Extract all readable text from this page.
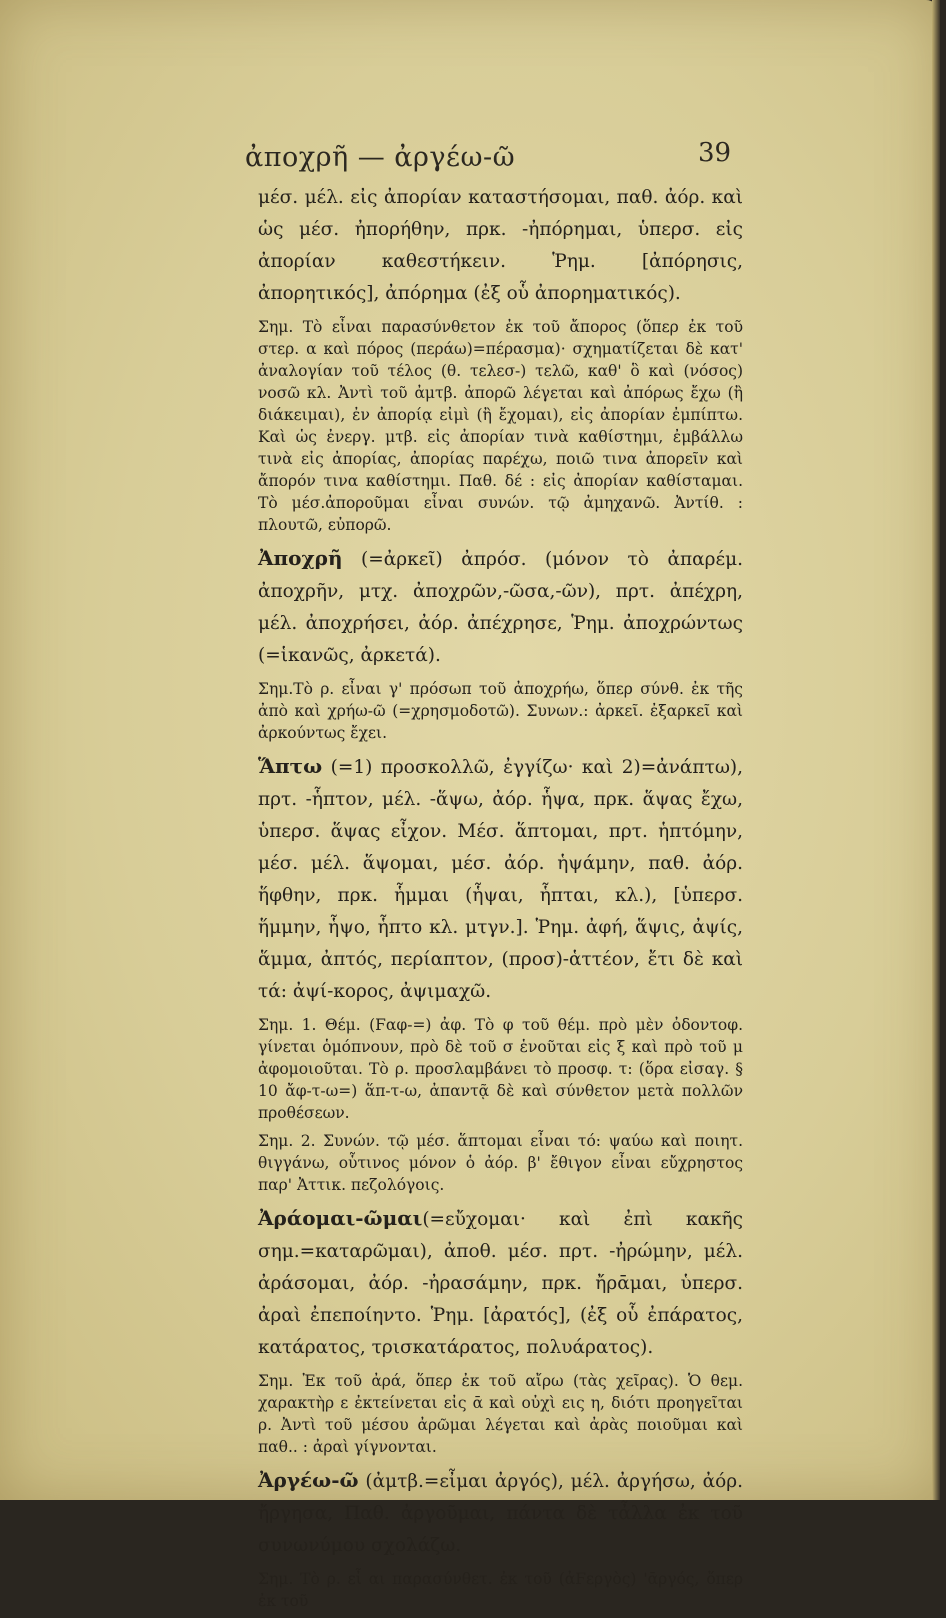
ἀποχρῆ — ἀργέω-ῶ	39

μέσ. μέλ. εἰς ἀπορίαν καταστήσομαι, παθ. ἀόρ. καὶ ὡς μέσ. ἠπορήθην, πρκ. -ἠπόρημαι, ὑπερσ. εἰς ἀπορίαν καθεστήκειν. Ῥημ. [ἀπόρησις, ἀπορητικός], ἀπόρημα (ἐξ οὗ ἀπορηματικός).

Σημ. Τὸ εἶναι παρασύνθετον ἐκ τοῦ ἄπορος (ὅπερ ἐκ τοῦ στερ. α καὶ πόρος (περάω)=πέρασμα)· σχηματίζεται δὲ κατ' ἀναλογίαν τοῦ τέλος (θ. τελεσ-) τελῶ, καθ' ὃ καὶ (νόσος) νοσῶ κλ. Ἀντὶ τοῦ ἀμτβ. ἀπορῶ λέγεται καὶ ἀπόρως ἔχω (ἢ διάκειμαι), ἐν ἀπορίᾳ εἰμὶ (ἢ ἔχομαι), εἰς ἀπορίαν ἐμπίπτω. Καὶ ὡς ἐνεργ. μτβ. εἰς ἀπορίαν τινὰ καθίστημι, ἐμβάλλω τινὰ εἰς ἀπορίας, ἀπορίας παρέχω, ποιῶ τινα ἀπορεῖν καὶ ἄπορόν τινα καθίστημι. Παθ. δέ : εἰς ἀπορίαν καθίσταμαι. Τὸ μέσ.ἀποροῦμαι εἶναι συνών. τῷ ἀμηχανῶ. Ἀντίθ. : πλουτῶ, εὐπορῶ.

Ἀποχρῆ (=ἀρκεῖ) ἀπρόσ. (μόνον τὸ ἀπαρέμ. ἀποχρῆν, μτχ. ἀποχρῶν,-ῶσα,-ῶν), πρτ. ἀπέχρη, μέλ. ἀποχρήσει, ἀόρ. ἀπέχρησε, Ῥημ. ἀποχρώντως (=ἱκανῶς, ἀρκετά).

Σημ.Τὸ ρ. εἶναι γ' πρόσωπ τοῦ ἀποχρήω, ὅπερ σύνθ. ἐκ τῆς ἀπὸ καὶ χρήω-ῶ (=χρησμοδοτῶ). Συνων.: ἀρκεῖ. ἐξαρκεῖ καὶ ἀρκούντως ἔχει.

Ἅπτω (=1) προσκολλῶ, ἐγγίζω· καὶ 2)=ἀνάπτω), πρτ. -ἧπτον, μέλ. -ἅψω, ἀόρ. ἧψα, πρκ. ἅψας ἔχω, ὑπερσ. ἅψας εἶχον. Μέσ. ἅπτομαι, πρτ. ἡπτόμην, μέσ. μέλ. ἅψομαι, μέσ. ἀόρ. ἡψάμην, παθ. ἀόρ. ἥφθην, πρκ. ἧμμαι (ἧψαι, ἧπται, κλ.), [ὑπερσ. ἥμμην, ἧψο, ἧπτο κλ. μτγν.]. Ῥημ. ἀφή, ἅψις, ἀψίς, ἅμμα, ἀπτός, περίαπτον, (προσ)-ἁττέον, ἔτι δὲ καὶ τά: ἀψί-κορος, ἀψιμαχῶ.

Σημ. 1. Θέμ. (Ϝαφ-=) ἀφ. Τὸ φ τοῦ θέμ. πρὸ μὲν ὀδοντοφ. γίνεται ὁμόπνουν, πρὸ δὲ τοῦ σ ἑνοῦται εἰς ξ καὶ πρὸ τοῦ μ ἀφομοιοῦται. Τὸ ρ. προσλαμβάνει τὸ προσφ. τ: (ὅρα εἰσαγ. § 10 ἄφ-τ-ω=) ἅπ-τ-ω, ἀπαντᾷ δὲ καὶ σύνθετον μετὰ πολλῶν προθέσεων.

Σημ. 2. Συνών. τῷ μέσ. ἅπτομαι εἶναι τό: ψαύω καὶ ποιητ. θιγγάνω, οὗτινος μόνον ὁ ἀόρ. β' ἔθιγον εἶναι εὔχρηστος παρ' Ἀττικ. πεζολόγοις.

Ἀράομαι-ῶμαι(=εὔχομαι· καὶ ἐπὶ κακῆς σημ.=καταρῶμαι), ἀποθ. μέσ. πρτ. -ἠρώμην, μέλ. ἀράσομαι, ἀόρ. -ἠρασάμην, πρκ. ἤρᾱμαι, ὑπερσ. ἀραὶ ἐπεποίηντο. Ῥημ. [ἀρατός], (ἐξ οὗ ἐπάρατος, κατάρατος, τρισκατάρατος, πολυάρατος).

Σημ. Ἐκ τοῦ ἀρά, ὅπερ ἐκ τοῦ αἴρω (τὰς χεῖρας). Ὁ θεμ. χαρακτὴρ ε ἐκτείνεται εἰς ᾱ καὶ οὐχὶ εις η, διότι προηγεῖται ρ. Ἀντὶ τοῦ μέσου ἀρῶμαι λέγεται καὶ ἀρὰς ποιοῦμαι καὶ παθ.. : ἀραὶ γίγνονται.

Ἀργέω-ῶ (ἀμτβ.=εἶμαι ἀργός), μέλ. ἀργήσω, ἀόρ. ἤργησα, Παθ. ἀργοῦμαι, πάντα δὲ τἆλλα ἐκ τοῦ συνωνύμου σχολάζω.

Σημ. Τὸ ρ. εἶ αι παρασύνθετ. ἐκ τοῦ (ἀϜεργὸς) 'ᾱργός, ὅπερ ἐκ τοῦ
